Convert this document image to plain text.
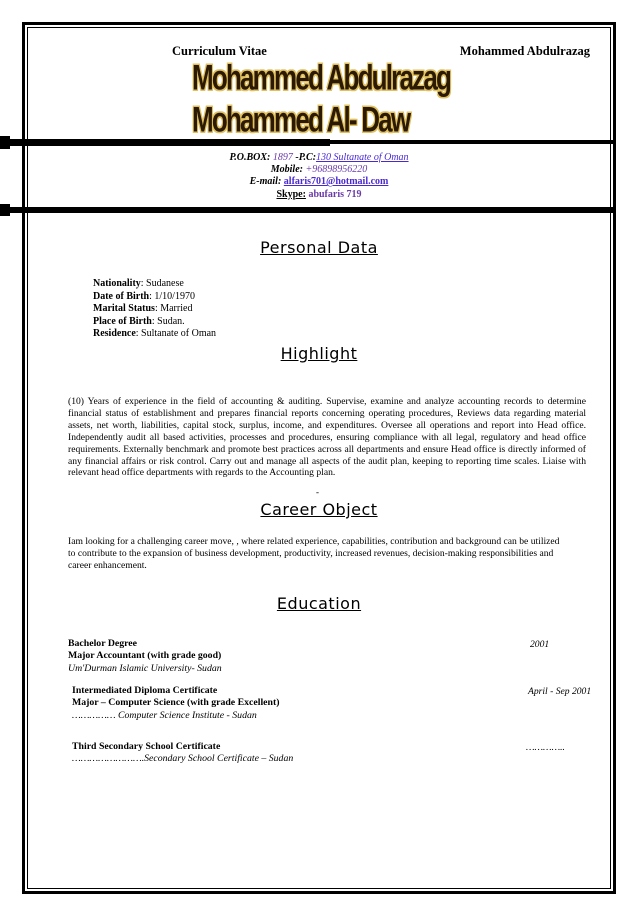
Curriculum Vitae	Mohammed Abdulrazag
Mohammed Abdulrazag Mohammed Al- Daw
P.O.BOX: 1897 -P.C:130 Sultanate of Oman
Mobile: +96898956220
E-mail: alfaris701@hotmail.com
Skype: abufaris 719
Personal Data
Nationality: Sudanese
Date of Birth: 1/10/1970
Marital Status: Married
Place of Birth: Sudan.
Residence: Sultanate of Oman
Highlight
(10) Years of experience in the field of accounting & auditing. Supervise, examine and analyze accounting records to determine financial status of establishment and prepares financial reports concerning operating procedures, Reviews data regarding material assets, net worth, liabilities, capital stock, surplus, income, and expenditures. Oversee all operations and report into Head office. Independently audit all based activities, processes and procedures, ensuring compliance with all legal, regulatory and head office requirements. Externally benchmark and promote best practices across all departments and ensure Head office is directly informed of any financial affairs or risk control. Carry out and manage all aspects of the audit plan, keeping to reporting time scales. Liaise with relevant head office departments with regards to the Accounting plan.
-
Career Object
Iam looking for a challenging career move, , where related experience, capabilities, contribution and background can be utilized to contribute to the expansion of business development, productivity, increased revenues, decision-making responsibilities and career enhancement.
Education
Bachelor Degree
Major Accountant (with grade good)
Um'Durman Islamic University- Sudan
2001
Intermediated Diploma Certificate
Major – Computer Science (with grade Excellent)
…………… Computer Science Institute - Sudan
April - Sep 2001
Third Secondary School Certificate
…………………….Secondary School Certificate – Sudan
…………..
